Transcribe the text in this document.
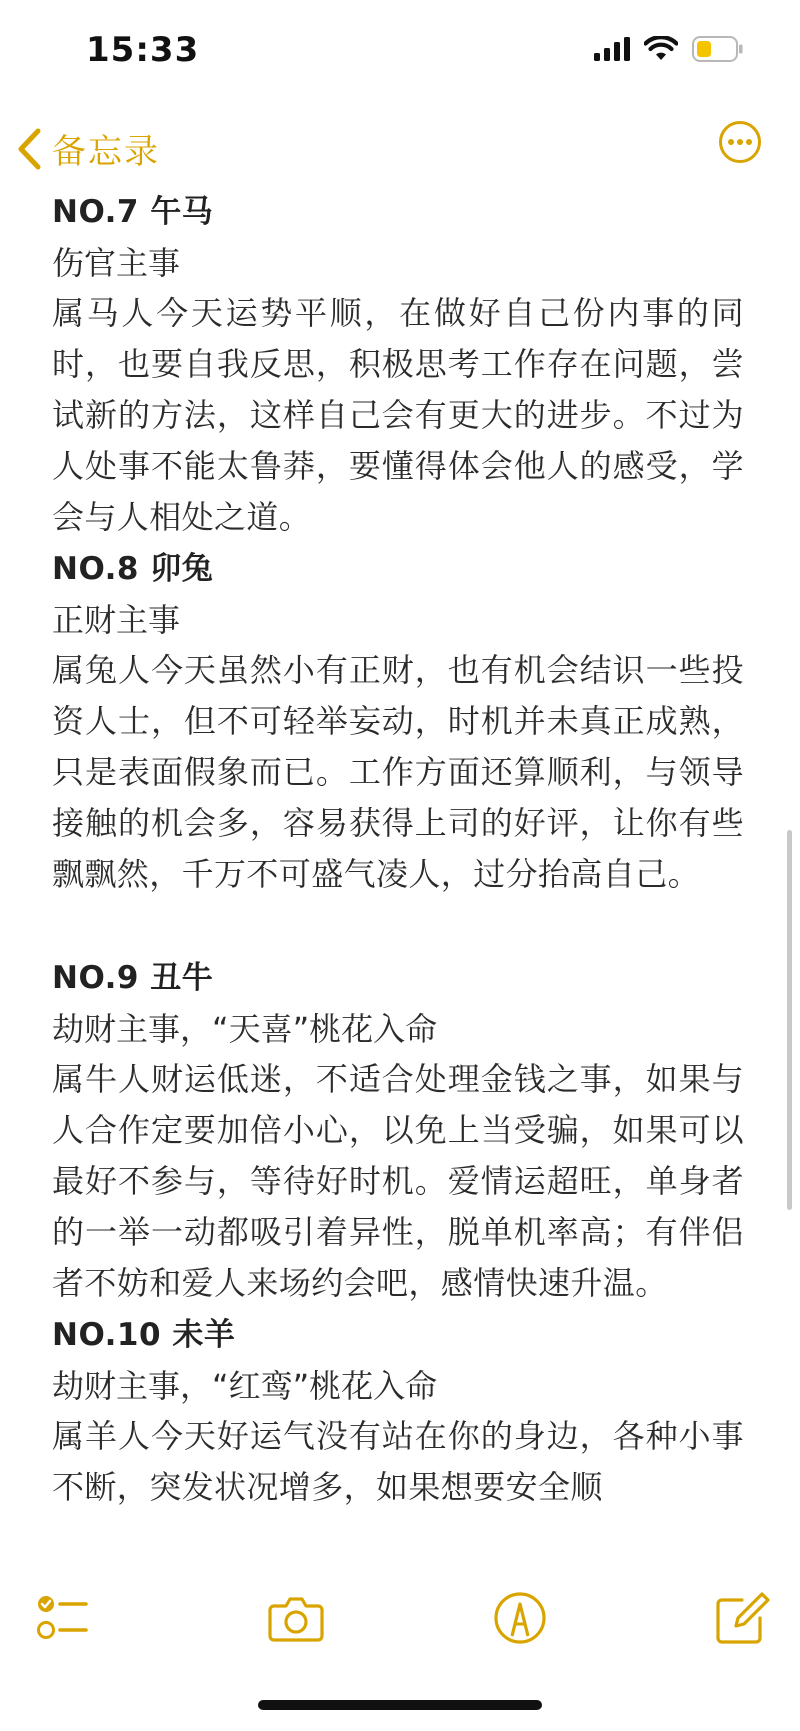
15:33
备忘录
NO.7 午马
伤官主事
属马人今天运势平顺，在做好自己份内事的同时，也要自我反思，积极思考工作存在问题，尝试新的方法，这样自己会有更大的进步。不过为人处事不能太鲁莽，要懂得体会他人的感受，学会与人相处之道。
NO.8 卯兔
正财主事
属兔人今天虽然小有正财，也有机会结识一些投资人士，但不可轻举妄动，时机并未真正成熟，只是表面假象而已。工作方面还算顺利，与领导接触的机会多，容易获得上司的好评，让你有些飘飘然，千万不可盛气凌人，过分抬高自己。
NO.9 丑牛
劫财主事，“天喜”桃花入命
属牛人财运低迷，不适合处理金钱之事，如果与人合作定要加倍小心，以免上当受骗，如果可以最好不参与，等待好时机。爱情运超旺，单身者的一举一动都吸引着异性，脱单机率高；有伴侣者不妨和爱人来场约会吧，感情快速升温。
NO.10 未羊
劫财主事，“红鸾”桃花入命
属羊人今天好运气没有站在你的身边，各种小事不断，突发状况增多，如果想要安全顺
